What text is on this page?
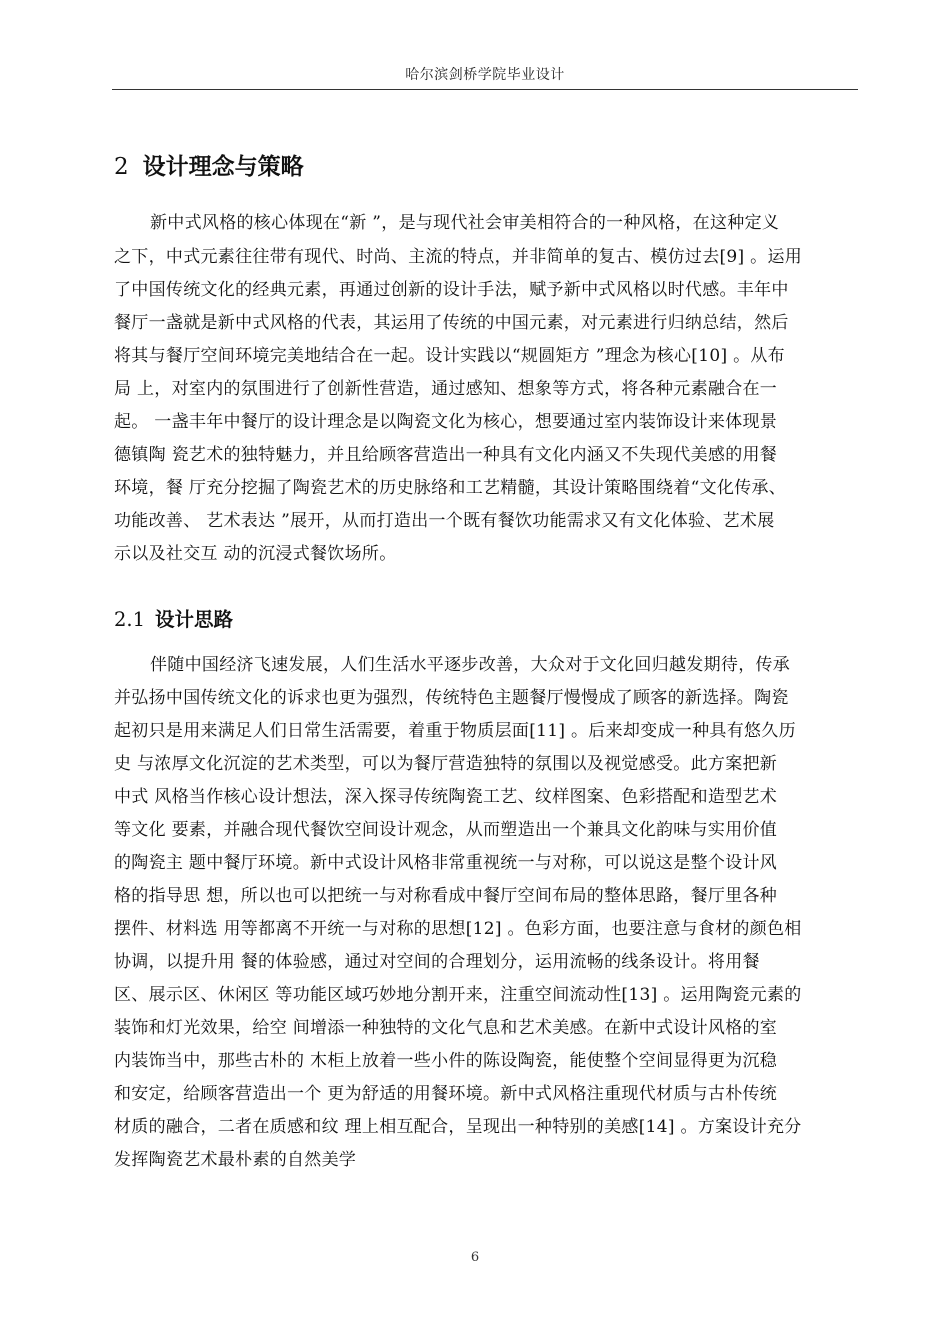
哈尔滨剑桥学院毕业设计
2 设计理念与策略
新中式风格的核心体现在“新 ”，是与现代社会审美相符合的一种风格，在这种定义
之下，中式元素往往带有现代、时尚、主流的特点，并非简单的复古、模仿过去[9] 。运用
了中国传统文化的经典元素，再通过创新的设计手法，赋予新中式风格以时代感。丰年中
餐厅一盏就是新中式风格的代表，其运用了传统的中国元素，对元素进行归纳总结，然后
将其与餐厅空间环境完美地结合在一起。设计实践以“规圆矩方 ”理念为核心[10] 。从布
局 上，对室内的氛围进行了创新性营造，通过感知、想象等方式，将各种元素融合在一
起。 一盏丰年中餐厅的设计理念是以陶瓷文化为核心，想要通过室内装饰设计来体现景
德镇陶 瓷艺术的独特魅力，并且给顾客营造出一种具有文化内涵又不失现代美感的用餐
环境，餐 厅充分挖掘了陶瓷艺术的历史脉络和工艺精髓，其设计策略围绕着“文化传承、
功能改善、 艺术表达 ”展开，从而打造出一个既有餐饮功能需求又有文化体验、艺术展
示以及社交互 动的沉浸式餐饮场所。
2.1 设计思路
伴随中国经济飞速发展，人们生活水平逐步改善，大众对于文化回归越发期待，传承
并弘扬中国传统文化的诉求也更为强烈，传统特色主题餐厅慢慢成了顾客的新选择。陶瓷
起初只是用来满足人们日常生活需要，着重于物质层面[11] 。后来却变成一种具有悠久历
史 与浓厚文化沉淀的艺术类型，可以为餐厅营造独特的氛围以及视觉感受。此方案把新
中式 风格当作核心设计想法，深入探寻传统陶瓷工艺、纹样图案、色彩搭配和造型艺术
等文化 要素，并融合现代餐饮空间设计观念，从而塑造出一个兼具文化韵味与实用价值
的陶瓷主 题中餐厅环境。新中式设计风格非常重视统一与对称，可以说这是整个设计风
格的指导思 想，所以也可以把统一与对称看成中餐厅空间布局的整体思路，餐厅里各种
摆件、材料选 用等都离不开统一与对称的思想[12] 。色彩方面，也要注意与食材的颜色相
协调，以提升用 餐的体验感，通过对空间的合理划分，运用流畅的线条设计。将用餐
区、展示区、休闲区 等功能区域巧妙地分割开来，注重空间流动性[13] 。运用陶瓷元素的
装饰和灯光效果，给空 间增添一种独特的文化气息和艺术美感。在新中式设计风格的室
内装饰当中，那些古朴的 木柜上放着一些小件的陈设陶瓷，能使整个空间显得更为沉稳
和安定，给顾客营造出一个 更为舒适的用餐环境。新中式风格注重现代材质与古朴传统
材质的融合，二者在质感和纹 理上相互配合，呈现出一种特别的美感[14] 。方案设计充分
发挥陶瓷艺术最朴素的自然美学
6
